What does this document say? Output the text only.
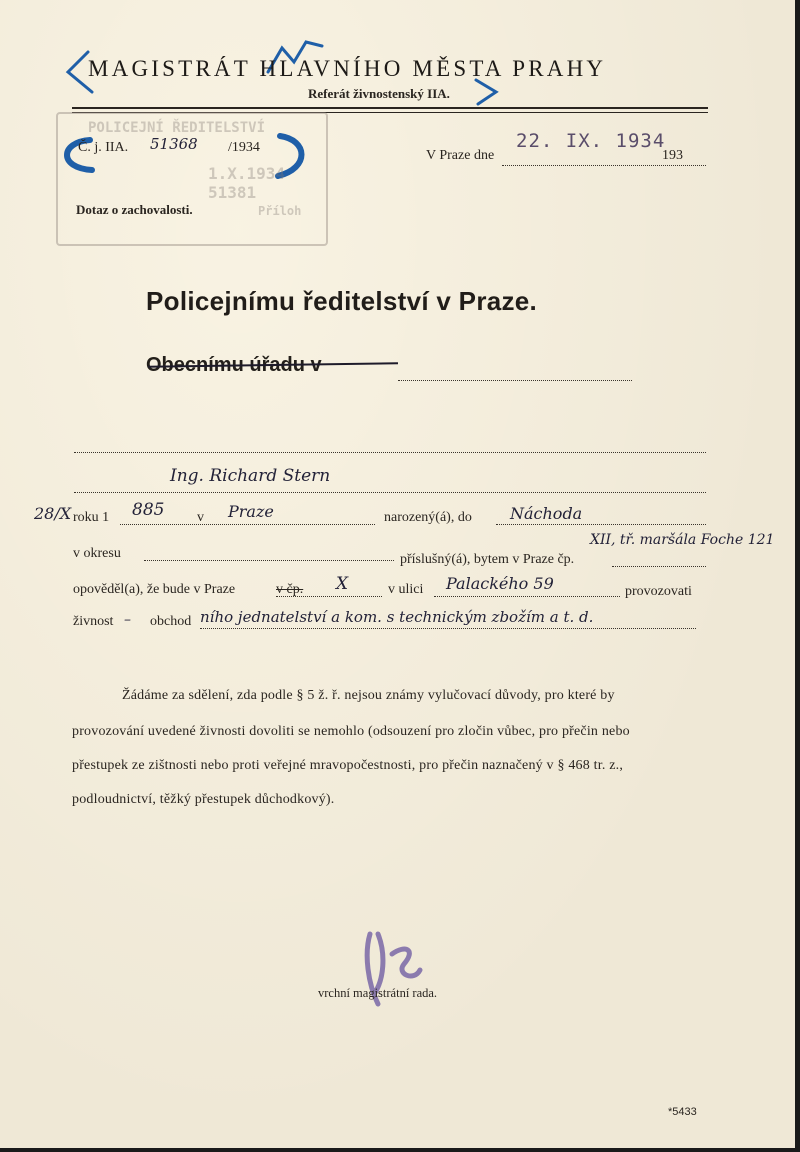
MAGISTRÁT HLAVNÍHO MĚSTA PRAHY
Referát živnostenský IIA.
POLICEJNÍ ŘEDITELSTVÍ
1.X.1934 51381
Příloh
Č. j. IIA. 51368 /1934
V Praze dne
22. IX. 1934
193
Dotaz o zachovalosti.
Policejnímu ředitelství v Praze.
Obecnímu úřadu v
Ing. Richard Stern
28/X roku 1 885 v Praze	narozený(á), do Náchoda
v okresu	příslušný(á), bytem v Praze čp.
XII, tř. maršála Foche 121
opověděl(a), že bude v Praze	v čp. X	v ulici Palackého 59	provozovati
živnost – obchod ního jednatelství a kom. s technickým zbožím a t. d.
Žádáme za sdělení, zda podle § 5 ž. ř. nejsou známy vylučovací důvody, pro které by
provozování uvedené živnosti dovoliti se nemohlo (odsouzení pro zločin vůbec, pro přečin nebo
přestupek ze zištnosti nebo proti veřejné mravopočestnosti, pro přečin naznačený v § 468 tr. z.,
podloudnictví, těžký přestupek důchodkový).
vrchní magistrátní rada.
*5433
